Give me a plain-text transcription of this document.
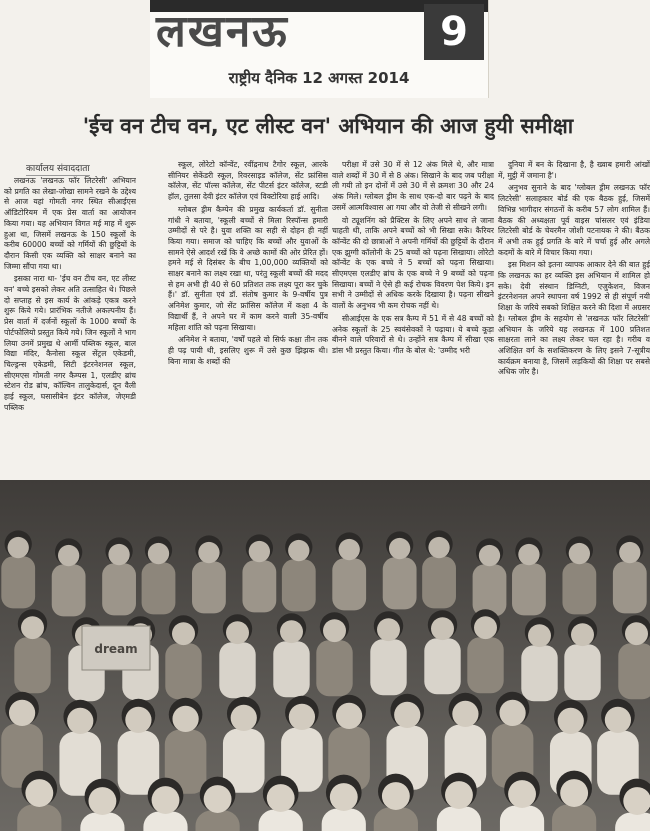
लखनऊ	9
राष्ट्रीय दैनिक 12 अगस्त 2014
'ईच वन टीच वन, एट लीस्ट वन' अभियान की आज हुयी समीक्षा
कार्यालय संवाददाता

लखनऊ 'लखनऊ फॉर लिटरेसी' अभियान को प्रगति का लेखा-जोखा सामने रखने के उद्देश्य से आज यहां गोमती नगर स्थित सीआईएस ऑडिटोरियम में एक प्रेस वार्ता का आयोजन किया गया। यह अभियान विगत मई माह में शुरू हुआ था, जिसमें लखनऊ के 150 स्कूलों के करीब 60000 बच्चों को गर्मियों की छुट्टियों के दौरान किसी एक व्यक्ति को साक्षर बनाने का जिम्मा सौंपा गया था।

इसका नारा था- 'ईच वन टीच वन, एट लीस्ट वन' बच्चे इसको लेकर अति उत्साहित थे। पिछले दो सप्ताह से इस कार्य के आंकड़े एकत्र करने शुरू किये गये। प्रारंभिक नतीजे अकल्पनीय हैं। प्रेस वार्ता में दर्जनों स्कूलों के 1000 बच्चों के पोर्टफोलियो प्रस्तुत किये गये। जिन स्कूलों ने भाग लिया उनमें प्रमुख थे आर्मी पब्लिक स्कूल, बाल विद्या मंदिर, कैनोसा स्कूल सेंट्रल एकेडमी, चिल्ड्रन्स एकेडमी, सिटी इंटरनेशनल स्कूल, सीएमएस गोमती नगर कैम्पस 1, एलडीए ब्रांच स्टेशन रोड ब्रांच, कॉल्विन तालुकेदार्स, दून वैली हाई स्कूल, घसासीबेन इंटर कॉलेज, जेएमडी पब्लिक

स्कूल, लोरेटो कॉन्वेंट, रवींद्रनाथ टैगोर स्कूल, आरके सीनियर सेकेंडरी स्कूल, रिवरसाइड कॉलेज, सेंट फ्रांसिस कॉलेज, सेंट पॉल्स कॉलेज, सेंट पीटर्स इंटर कॉलेज, स्टडी हॉल, तुलसा देवी इंटर कॉलेज एवं विक्टोरिया हाई आदि।

ग्लोबल ड्रीम कैम्पेन की प्रमुख कार्यकर्ता डॉ. सुनीता गांधी ने बताया, 'स्कूली बच्चों से मिला रिस्पॉन्स हमारी उम्मीदों से परे है। युवा शक्ति का सही से दोहन ही नहीं किया गया। समाज को चाहिए कि बच्चों और युवाओं के सामने ऐसे आदर्श रखें कि वे अच्छे कामों की ओर प्रेरित हों। हमने मई से दिसंबर के बीच 1,00,000 व्यक्तियों को साक्षर बनाने का लक्ष्य रखा था, परंतु स्कूली बच्चों की मदद से हम अभी ही 40 से 60 प्रतिशत तक लक्ष्य पूरा कर चुके हैं।' डॉ. सुनीता एवं डॉ. संतोष कुमार के 9-वर्षीय पुत्र अनिमेश कुमार, जो सेंट फ्रांसिस कॉलेज में कक्षा 4 के विद्यार्थी हैं, ने अपने घर में काम करने वाली 35-वर्षीय महिला शांति को पढ़ना सिखाया।

अनिमेश ने बताया, 'वर्षों पहले वो सिर्फ कक्षा तीन तक ही पढ़ पायी थी, इसलिए शुरू में उसे कुछ झिझक थी। बिना मात्रा के शब्दों की

परीक्षा में उसे 30 में से 12 अंक मिले थे, और मात्रा वाले शब्दों में 30 में से 8 अंक। सिखाने के बाद जब परीक्षा ली गयी तो इन दोनों में उसे 30 में से क्रमशः 30 और 24 अंक मिले। ग्लोबल ड्रीम के साथ एक-दो बार पढ़ने के बाद उसमें आत्मविश्वास आ गया और वो तेजी से सीखने लगी।

वो ट्यूशनिंग को प्रैक्टिस के लिए अपने साथ ले जाना चाहती थी, ताकि अपने बच्चों को भी सिखा सके। कैरियर कॉन्वेंट की दो छात्राओं ने अपनी गर्मियों की छुट्टियों के दौरान एक झुग्गी कॉलोनी के 25 बच्चों को पढ़ना सिखाया। लोरेटो कॉन्वेंट के एक बच्चे ने 5 बच्चों को पढ़ना सिखाया। सीएमएस एलडीए ब्रांच के एक बच्चे ने 9 बच्चों को पढ़ना सिखाया। बच्चों ने ऐसे ही कई रोचक विवरण पेश किये। इन सभी ने उम्मीदों से अधिक करके दिखाया है। पढ़ना सीखने वालों के अनुभव भी कम रोचक नहीं थे।

सीआईएस के एक सत्र कैम्प में 51 में से 48 बच्चों को अनेक स्कूलों के 25 स्वयंसेवकों ने पढ़ाया। ये बच्चे कूड़ा बीनने वाले परिवारों से थे। उन्होंने सत्र कैम्प में सीखा एक डांस भी प्रस्तुत किया। गीत के बोल थे: 'उम्मीद भरी

दुनिया में बन के दिखाना है, है ख्वाब हमारी आंखों में, मुट्ठी में जमाना है'।

अनुभव सुनाने के बाद 'ग्लोबल ड्रीम लखनऊ फॉर लिटरेसी' सलाहकार बोर्ड की एक बैठक हुई, जिसमें विभिन्न भागीदार संगठनों के करीब 57 लोग शामिल हैं। बैठक की अध्यक्षता पूर्व वाइस चांसलर एवं इंडिया लिटरेसी बोर्ड के चेयरमैन जोशी पटनायक ने की। बैठक में अभी तक हुई प्रगति के बारे में चर्चा हुई और अगले कदमों के बारे में विचार किया गया।

इस मिशन को इतना व्यापक आकार देने की बात हुई कि लखनऊ का हर व्यक्ति इस अभियान में शामिल हो सके। देवी संस्थान डिग्निटी, एजुकेशन, विजन इंटरनेशनल अपने स्थापना वर्ष 1992 से ही संपूर्ण नयी शिक्षा के जरिये सबको शिक्षित करने की दिशा में अग्रसर है। ग्लोबल ड्रीम के सहयोग से 'लखनऊ फॉर लिटरेसी' अभियान के जरिये यह लखनऊ में 100 प्रतिशत साक्षरता लाने का लक्ष्य लेकर चल रहा है। गरीब व अशिक्षित वर्ग के सशक्तिकरण के लिए इसने 7-सूत्रीय कार्यक्रम बनाया है, जिसमें लड़कियों की शिक्षा पर सबसे अधिक जोर है।

dream
